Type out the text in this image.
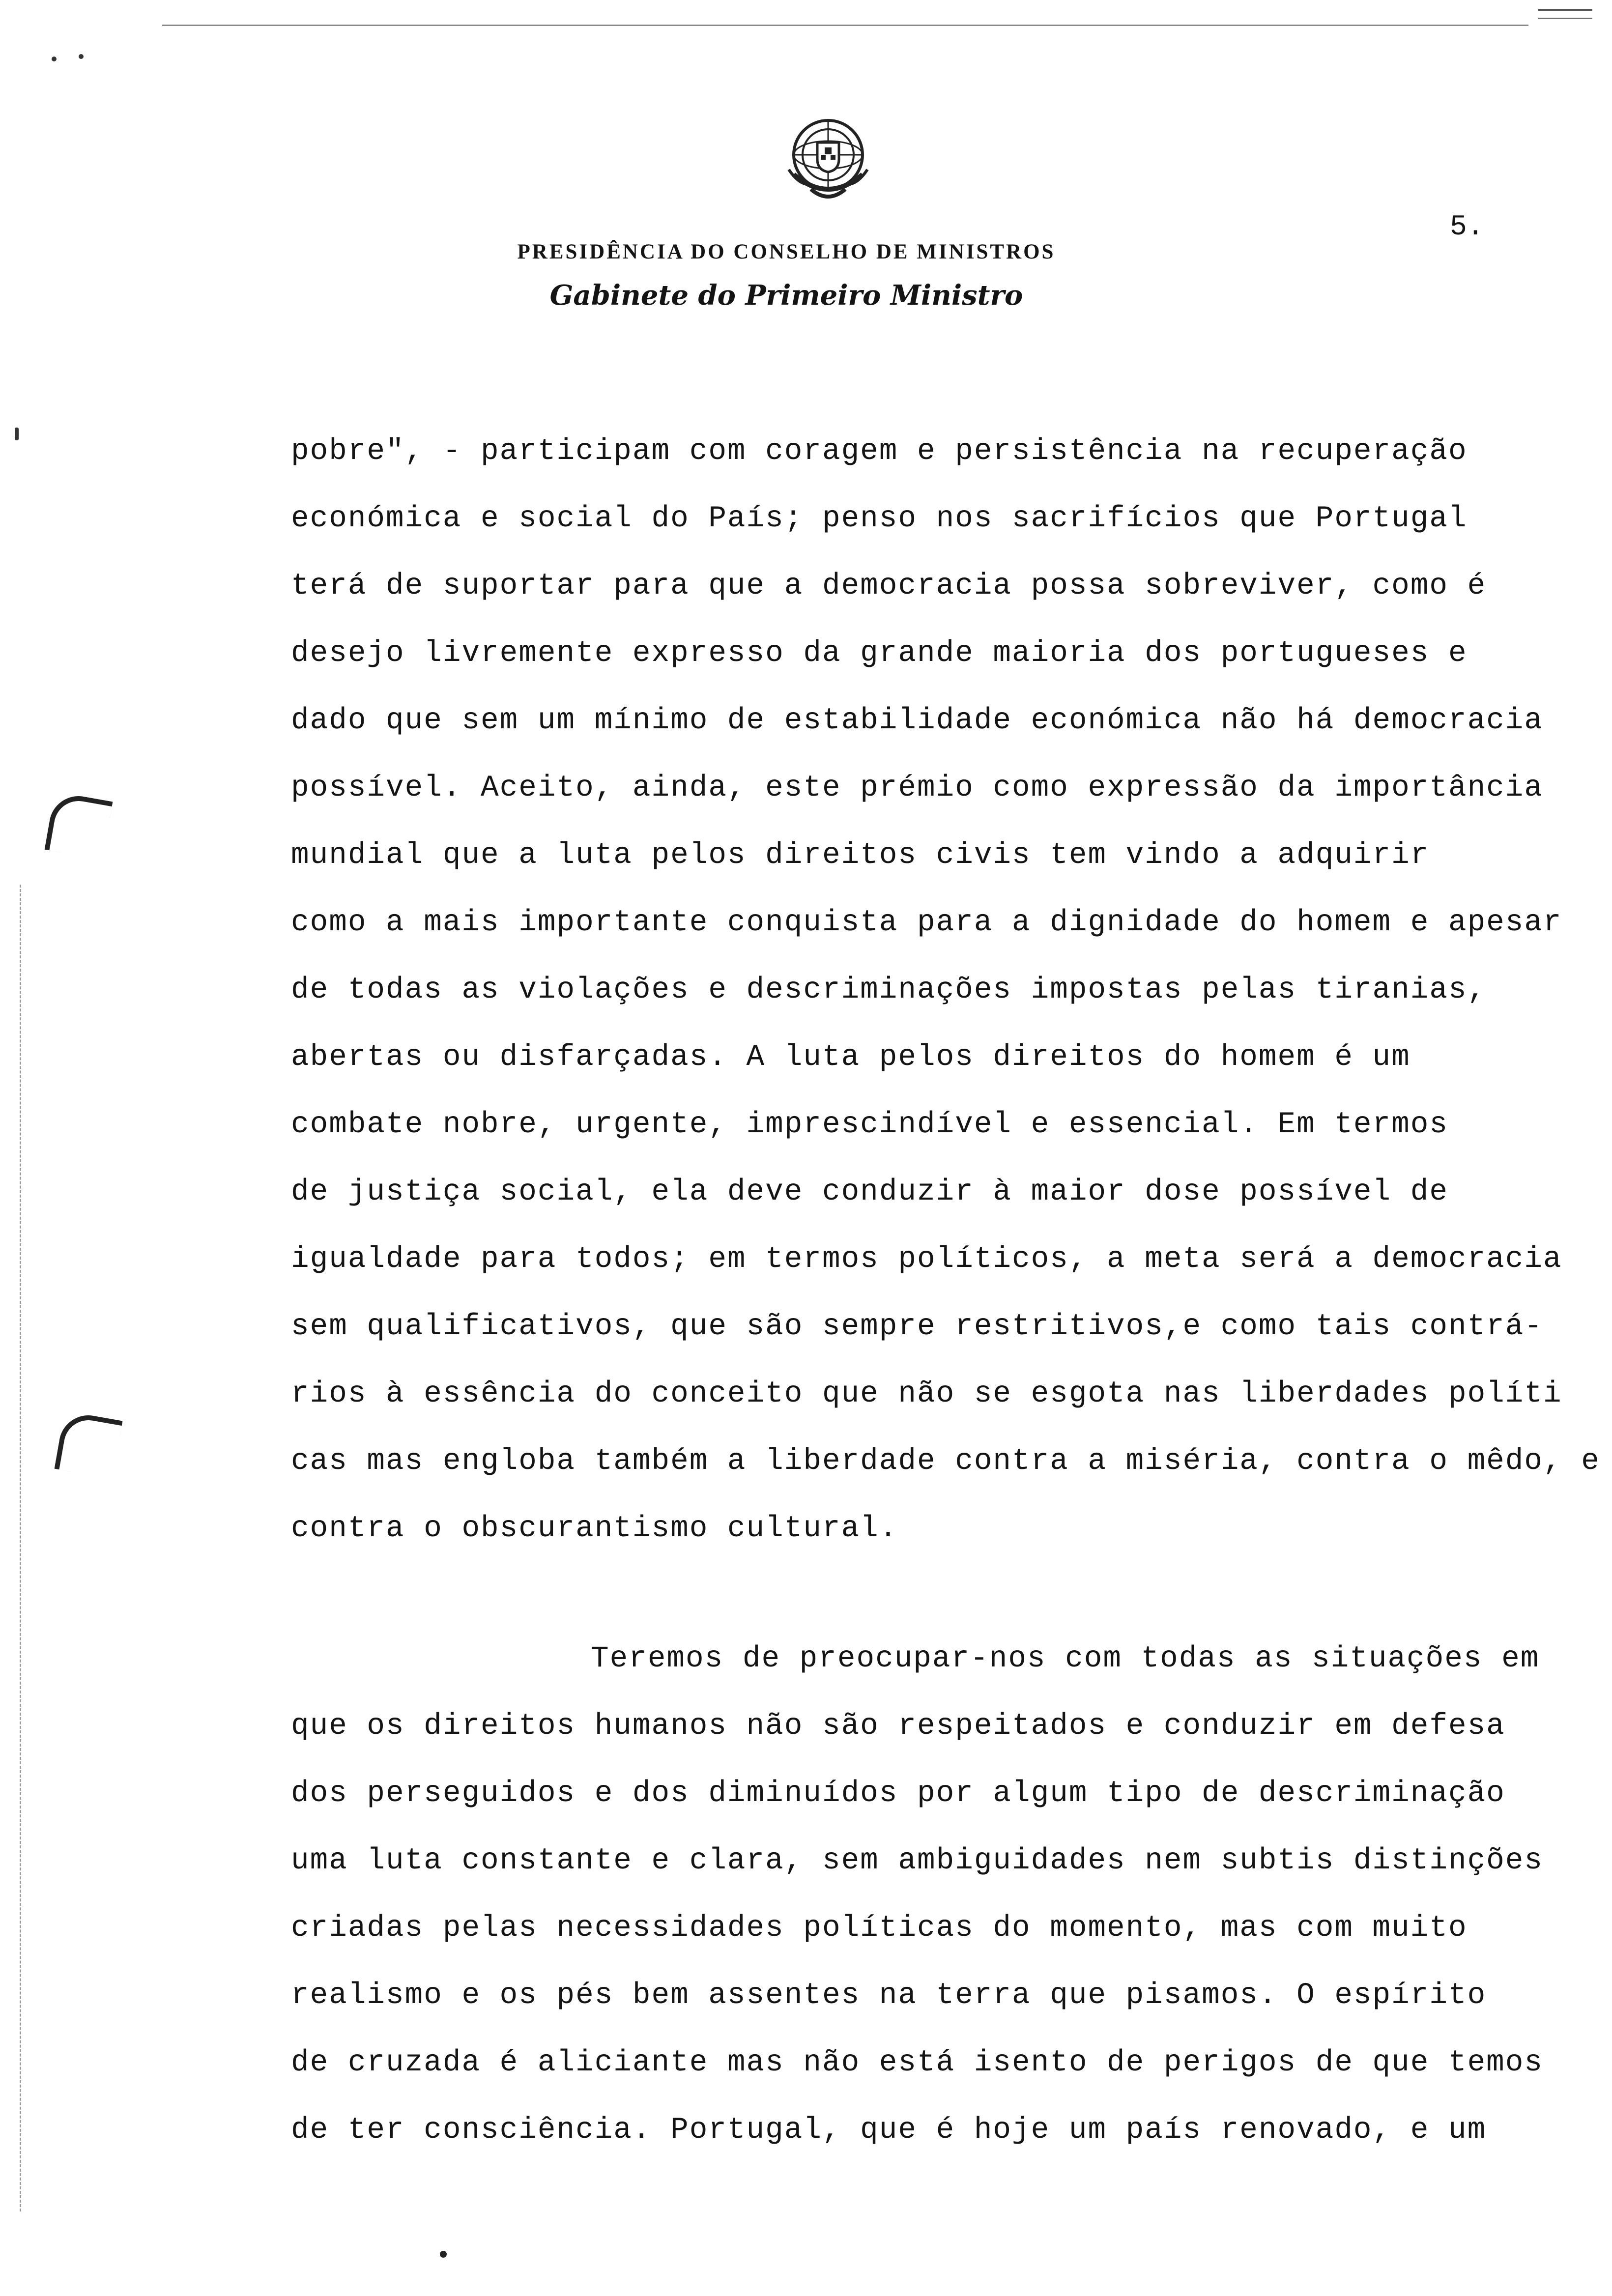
PRESIDÊNCIA DO CONSELHO DE MINISTROS
Gabinete do Primeiro Ministro
5.
pobre", - participam com coragem e persistência na recuperação
económica e social do País; penso nos sacrifícios que Portugal
terá de suportar para que a democracia possa sobreviver, como é
desejo livremente expresso da grande maioria dos portugueses e
dado que sem um mínimo de estabilidade económica não há democracia
possível. Aceito, ainda, este prémio como expressão da importância
mundial que a luta pelos direitos civis tem vindo a adquirir
como a mais importante conquista para a dignidade do homem e apesar
de todas as violações e descriminações impostas pelas tiranias,
abertas ou disfarçadas. A luta pelos direitos do homem é um
combate nobre, urgente, imprescindível e essencial. Em termos
de justiça social, ela deve conduzir à maior dose possível de
igualdade para todos; em termos políticos, a meta será a democracia
sem qualificativos, que são sempre restritivos,e como tais contrá-
rios à essência do conceito que não se esgota nas liberdades políti
cas mas engloba também a liberdade contra a miséria, contra o mêdo, e
contra o obscurantismo cultural.
Teremos de preocupar-nos com todas as situações em
que os direitos humanos não são respeitados e conduzir em defesa
dos perseguidos e dos diminuídos por algum tipo de descriminação
uma luta constante e clara, sem ambiguidades nem subtis distinções
criadas pelas necessidades políticas do momento, mas com muito
realismo e os pés bem assentes na terra que pisamos. O espírito
de cruzada é aliciante mas não está isento de perigos de que temos
de ter consciência. Portugal, que é hoje um país renovado, e um
